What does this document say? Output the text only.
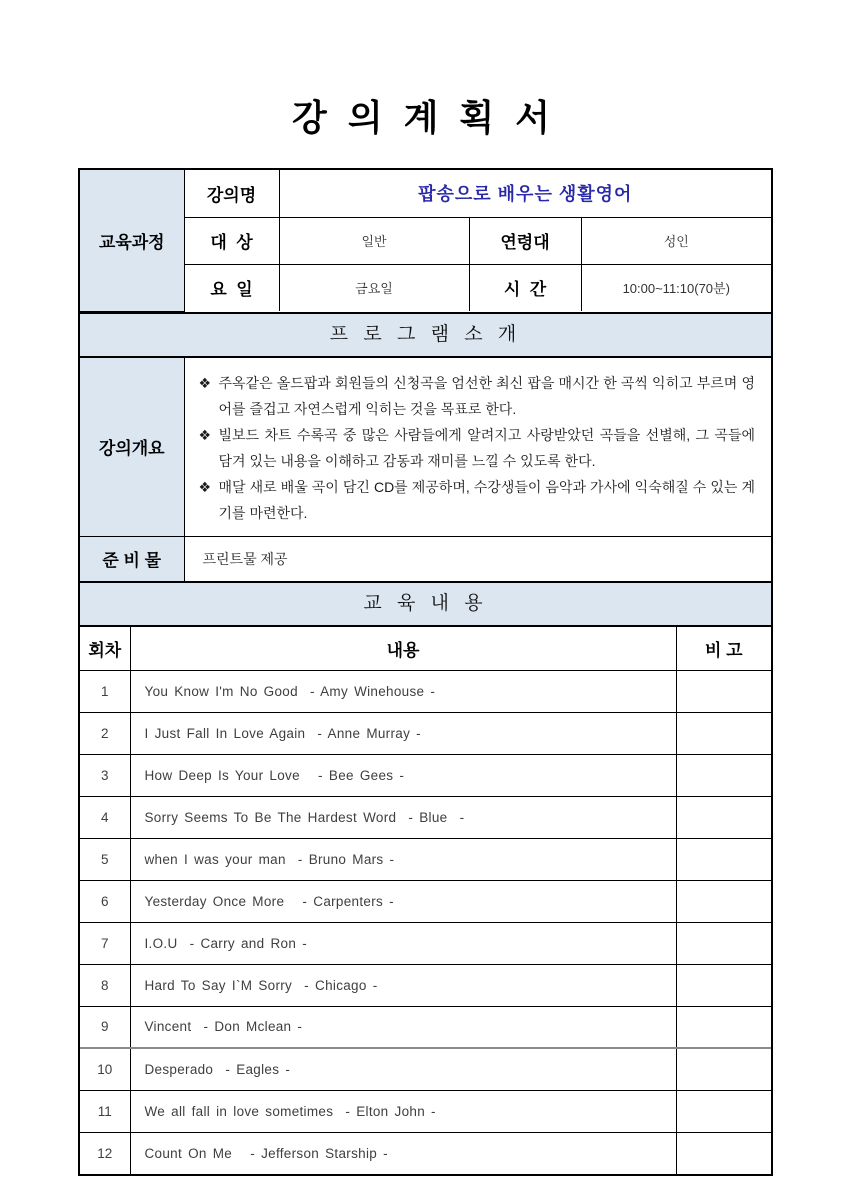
강 의 계 획 서
교육과정	강의명	팝송으로 배우는 생활영어		
	대  상	일반	연령대	성인
	요  일	금요일	시  간	10:00~11:10(70분)
프 로 그 램 소 개
강의개요	
❖ 주옥같은 올드팝과 회원들의 신청곡을 엄선한 최신 팝을 매시간 한 곡씩 익히고 부르며 영어를 즐겁고 자연스럽게 익히는 것을 목표로 한다.
❖ 빌보드 차트 수록곡 중 많은 사람들에게 알려지고 사랑받았던 곡들을 선별해, 그 곡들에 담겨 있는 내용을 이해하고 감동과 재미를 느낄 수 있도록 한다.
❖ 매달 새로 배울 곡이 담긴 CD를 제공하며, 수강생들이 음악과 가사에 익숙해질 수 있는 계기를 마련한다.

준 비 물	프린트물 제공
교 육 내 용
회차	내용	비 고
1	You Know I'm No Good  - Amy Winehouse -	
2	I Just Fall In Love Again  - Anne Murray -	
3	How Deep Is Your Love   - Bee Gees -	
4	Sorry Seems To Be The Hardest Word  - Blue  -	
5	when I was your man  - Bruno Mars -	
6	Yesterday Once More   - Carpenters -	
7	I.O.U  - Carry and Ron -	
8	Hard To Say I`M Sorry  - Chicago -	
9	Vincent  - Don Mclean -	
10	Desperado  - Eagles -	
11	We all fall in love sometimes  - Elton John -	
12	Count On Me   - Jefferson Starship -	
